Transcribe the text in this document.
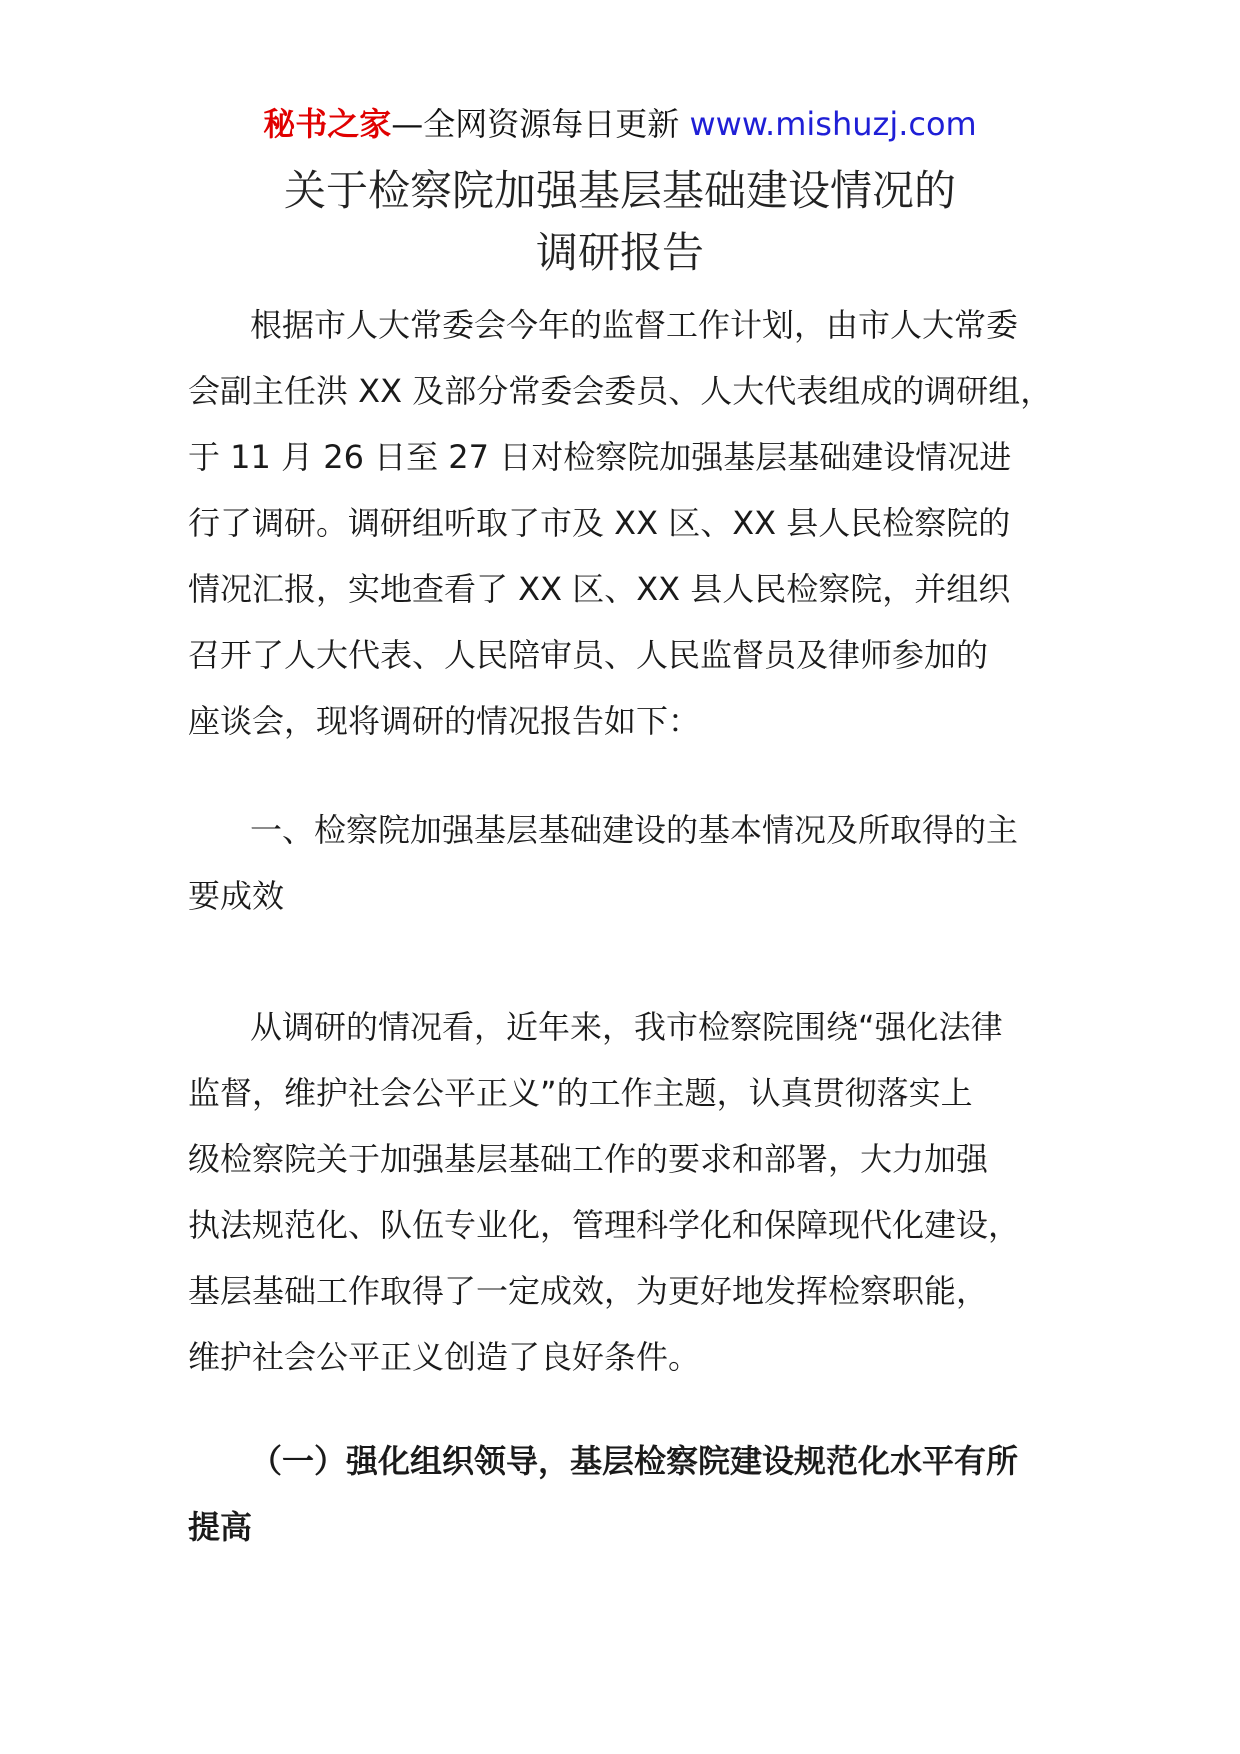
秘书之家—全网资源每日更新 www.mishuzj.com
关于检察院加强基层基础建设情况的
调研报告
根据市人大常委会今年的监督工作计划，由市人大常委
会副主任洪 XX 及部分常委会委员、人大代表组成的调研组，
于 11 月 26 日至 27 日对检察院加强基层基础建设情况进
行了调研。调研组听取了市及 XX 区、XX 县人民检察院的
情况汇报，实地查看了 XX 区、XX 县人民检察院，并组织
召开了人大代表、人民陪审员、人民监督员及律师参加的
座谈会，现将调研的情况报告如下：
一、检察院加强基层基础建设的基本情况及所取得的主
要成效
从调研的情况看，近年来，我市检察院围绕“强化法律
监督，维护社会公平正义”的工作主题，认真贯彻落实上
级检察院关于加强基层基础工作的要求和部署，大力加强
执法规范化、队伍专业化，管理科学化和保障现代化建设，
基层基础工作取得了一定成效，为更好地发挥检察职能，
维护社会公平正义创造了良好条件。
（一）强化组织领导，基层检察院建设规范化水平有所
提高
